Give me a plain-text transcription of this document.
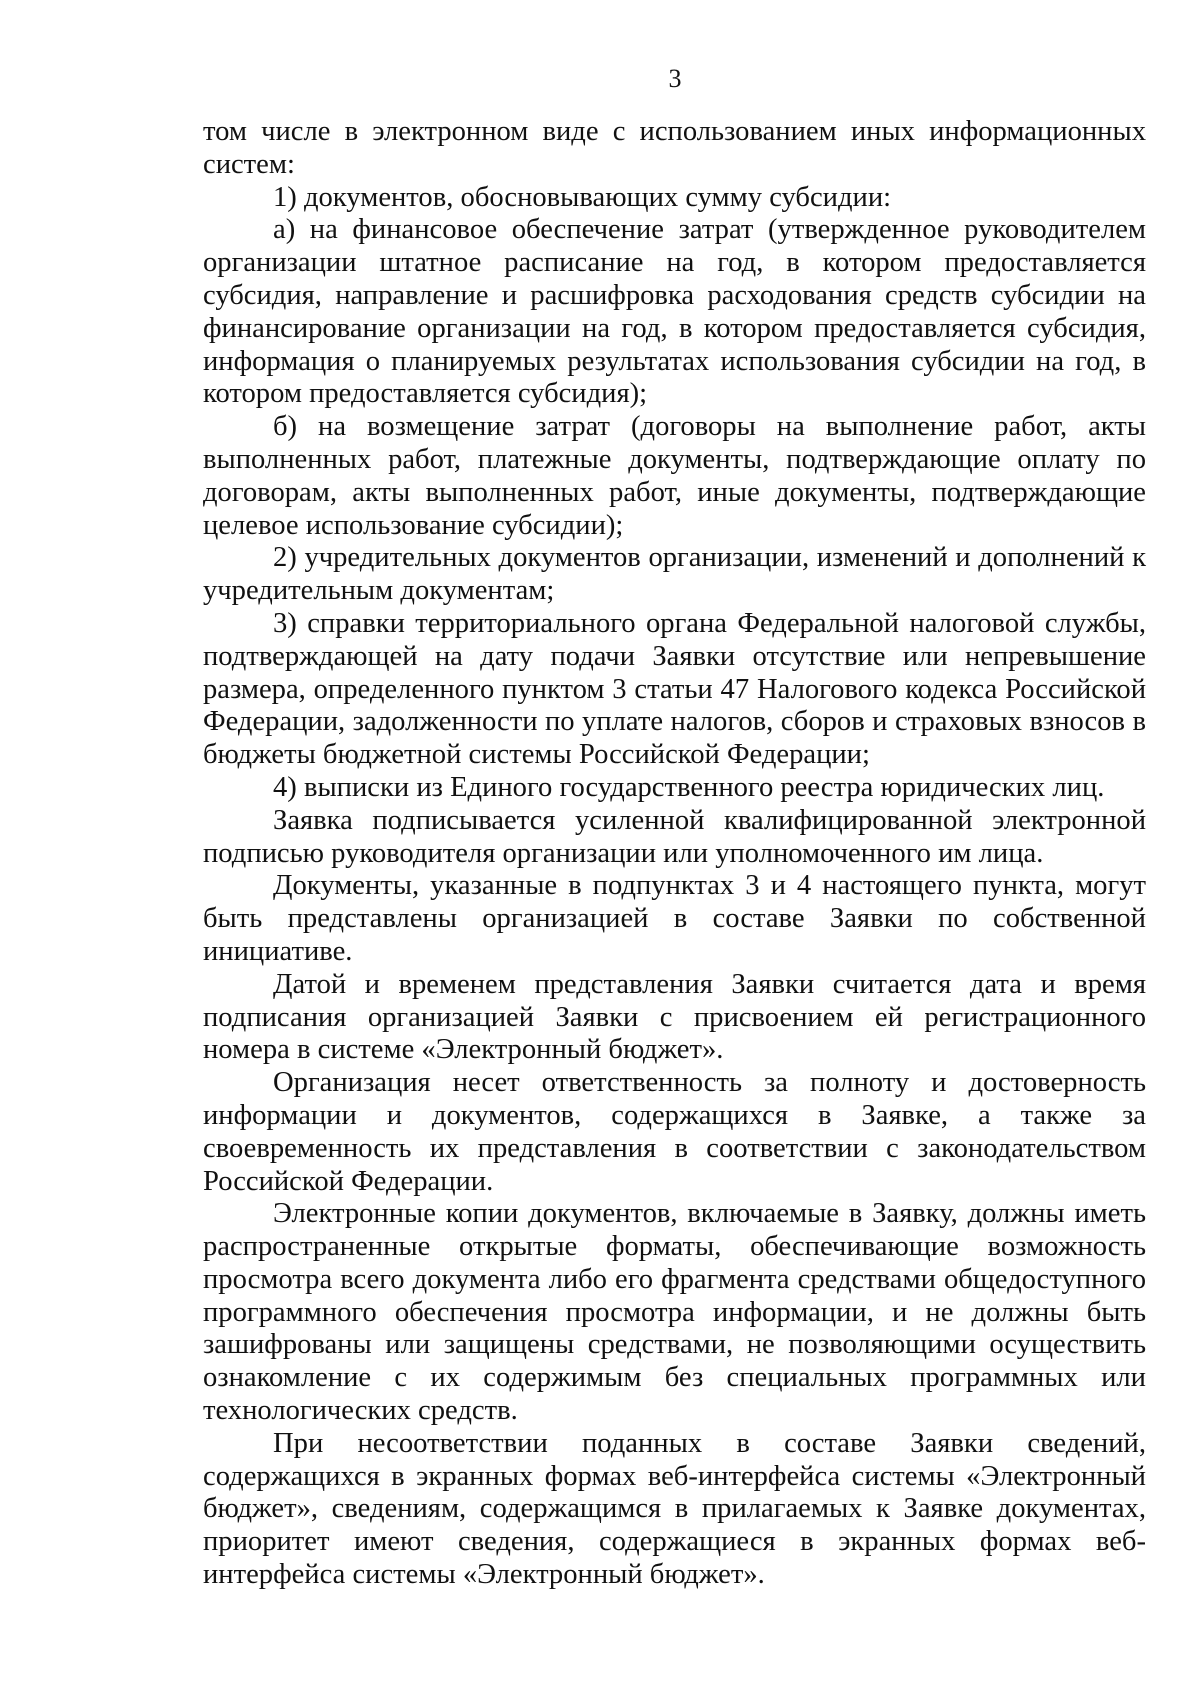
3

том числе в электронном виде с использованием иных информационных систем:

1) документов, обосновывающих сумму субсидии:

а) на финансовое обеспечение затрат (утвержденное руководителем организации штатное расписание на год, в котором предоставляется субсидия, направление и расшифровка расходования средств субсидии на финансирование организации на год, в котором предоставляется субсидия, информация о планируемых результатах использования субсидии на год, в котором предоставляется субсидия);

б) на возмещение затрат (договоры на выполнение работ, акты выполненных работ, платежные документы, подтверждающие оплату по договорам, акты выполненных работ, иные документы, подтверждающие целевое использование субсидии);

2) учредительных документов организации, изменений и дополнений к учредительным документам;

3) справки территориального органа Федеральной налоговой службы, подтверждающей на дату подачи Заявки отсутствие или непревышение размера, определенного пунктом 3 статьи 47 Налогового кодекса Российской Федерации, задолженности по уплате налогов, сборов и страховых взносов в бюджеты бюджетной системы Российской Федерации;

4) выписки из Единого государственного реестра юридических лиц.

Заявка подписывается усиленной квалифицированной электронной подписью руководителя организации или уполномоченного им лица.

Документы, указанные в подпунктах 3 и 4 настоящего пункта, могут быть представлены организацией в составе Заявки по собственной инициативе.

Датой и временем представления Заявки считается дата и время подписания организацией Заявки с присвоением ей регистрационного номера в системе «Электронный бюджет».

Организация несет ответственность за полноту и достоверность информации и документов, содержащихся в Заявке, а также за своевременность их представления в соответствии с законодательством Российской Федерации.

Электронные копии документов, включаемые в Заявку, должны иметь распространенные открытые форматы, обеспечивающие возможность просмотра всего документа либо его фрагмента средствами общедоступного программного обеспечения просмотра информации, и не должны быть зашифрованы или защищены средствами, не позволяющими осуществить ознакомление с их содержимым без специальных программных или технологических средств.

При несоответствии поданных в составе Заявки сведений, содержащихся в экранных формах веб-интерфейса системы «Электронный бюджет», сведениям, содержащимся в прилагаемых к Заявке документах, приоритет имеют сведения, содержащиеся в экранных формах веб-интерфейса системы «Электронный бюджет».
